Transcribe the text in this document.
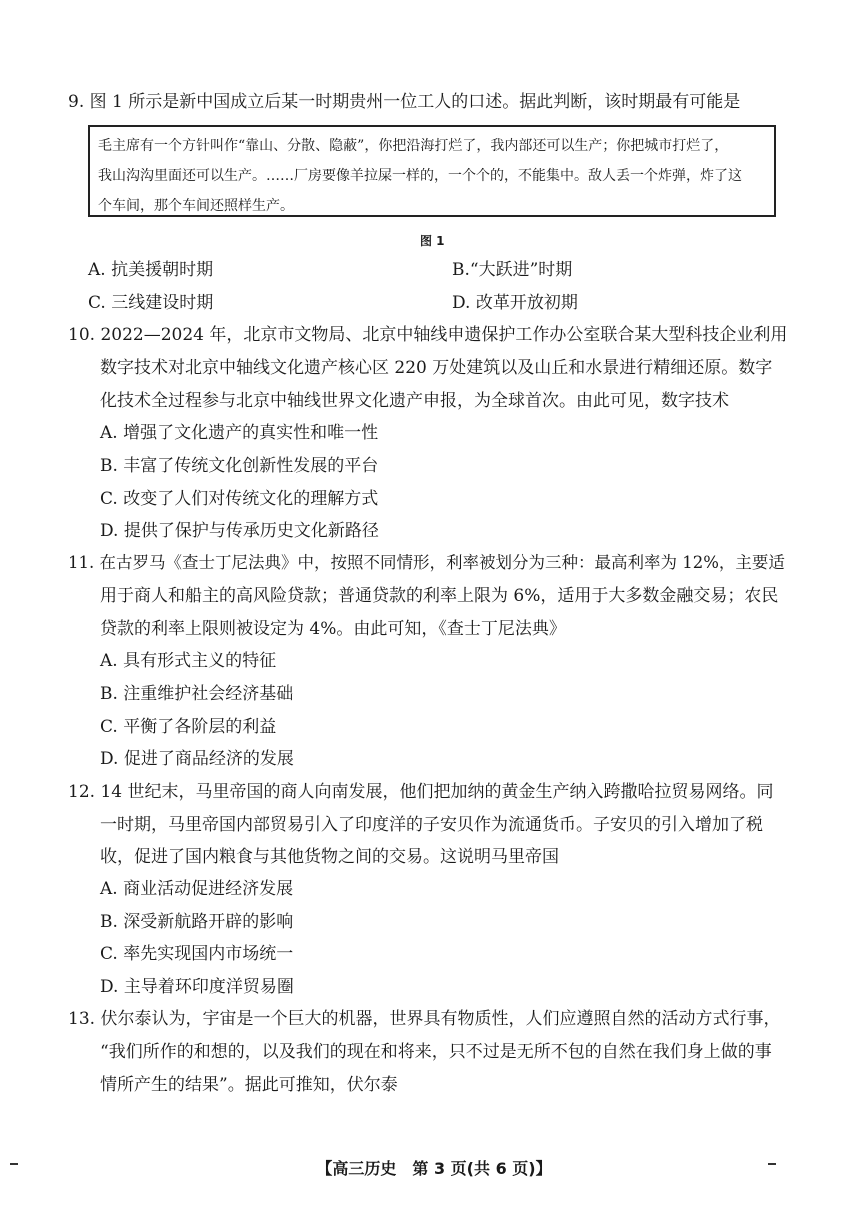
9. 图 1 所示是新中国成立后某一时期贵州一位工人的口述。据此判断，该时期最有可能是
毛主席有一个方针叫作“靠山、分散、隐蔽”，你把沿海打烂了，我内部还可以生产；你把城市打烂了，
我山沟沟里面还可以生产。……厂房要像羊拉屎一样的，一个个的，不能集中。敌人丢一个炸弹，炸了这
个车间，那个车间还照样生产。
图 1
A. 抗美援朝时期	B.“大跃进”时期
C. 三线建设时期	D. 改革开放初期
10. 2022—2024 年，北京市文物局、北京中轴线申遗保护工作办公室联合某大型科技企业利用
数字技术对北京中轴线文化遗产核心区 220 万处建筑以及山丘和水景进行精细还原。数字
化技术全过程参与北京中轴线世界文化遗产申报，为全球首次。由此可见，数字技术
A. 增强了文化遗产的真实性和唯一性
B. 丰富了传统文化创新性发展的平台
C. 改变了人们对传统文化的理解方式
D. 提供了保护与传承历史文化新路径
11. 在古罗马《查士丁尼法典》中，按照不同情形，利率被划分为三种：最高利率为 12%，主要适
用于商人和船主的高风险贷款；普通贷款的利率上限为 6%，适用于大多数金融交易；农民
贷款的利率上限则被设定为 4%。由此可知，《查士丁尼法典》
A. 具有形式主义的特征
B. 注重维护社会经济基础
C. 平衡了各阶层的利益
D. 促进了商品经济的发展
12. 14 世纪末，马里帝国的商人向南发展，他们把加纳的黄金生产纳入跨撒哈拉贸易网络。同
一时期，马里帝国内部贸易引入了印度洋的子安贝作为流通货币。子安贝的引入增加了税
收，促进了国内粮食与其他货物之间的交易。这说明马里帝国
A. 商业活动促进经济发展
B. 深受新航路开辟的影响
C. 率先实现国内市场统一
D. 主导着环印度洋贸易圈
13. 伏尔泰认为，宇宙是一个巨大的机器，世界具有物质性，人们应遵照自然的活动方式行事，
“我们所作的和想的，以及我们的现在和将来，只不过是无所不包的自然在我们身上做的事
情所产生的结果”。据此可推知，伏尔泰
【高三历史　第 3 页(共 6 页)】
